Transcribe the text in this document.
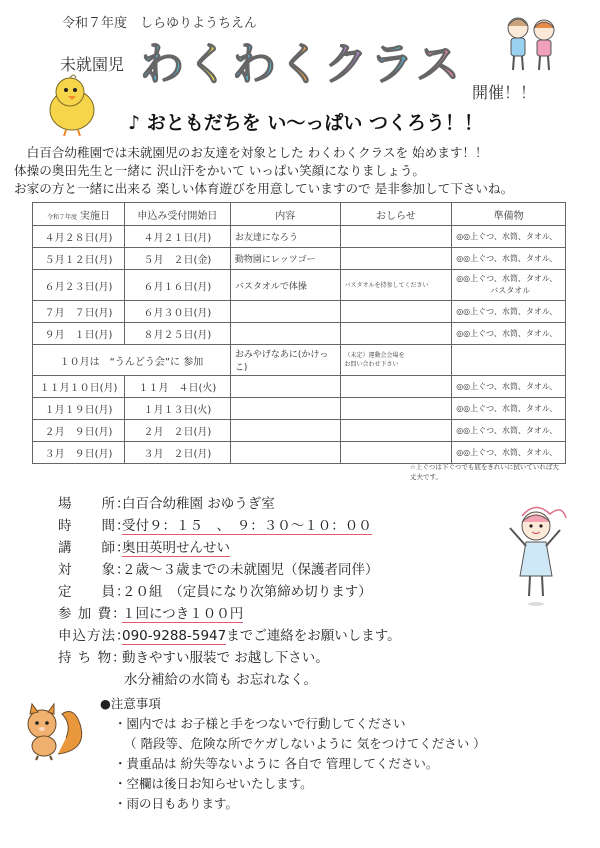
令和７年度　しらゆりようちえん
未就園児 わくわくクラス
開催！！
♪ おともだちを い〜っぱい つくろう！！

　白百合幼稚園では未就園児のお友達を対象とした わくわくクラスを 始めます！！

体操の奥田先生と一緒に 沢山汗をかいて いっぱい笑顔になりましょう。

お家の方と一緒に出来る 楽しい体育遊びを用意していますので 是非参加して下さいね。

令和７年度 実施日	申込み受付開始日	内容	おしらせ	準備物

４月２８日(月)	４月２１日(月)	お友達になろう		◎◎上ぐつ、水筒、タオル、

５月１２日(月)	５月　２日(金)	動物園にレッツゴー		◎◎上ぐつ、水筒、タオル、

６月２３日(月)	６月１６日(月)	バスタオルで体操	バスタオルを持参してください	◎◎上ぐつ、水筒、タオル、
バスタオル

７月　７日(月)	６月３０日(月)			◎◎上ぐつ、水筒、タオル、

９月　１日(月)	８月２５日(月)			◎◎上ぐつ、水筒、タオル、

１０月は　“うんどう会”に 参加		おみやげなあに(かけっこ)	（未定）運動会会場を
お問い合わせ下さい	

１１月１０日(月)	１１月　４日(火)			◎◎上ぐつ、水筒、タオル、

１月１９日(月)	１月１３日(火)			◎◎上ぐつ、水筒、タオル、

２月　９日(月)	２月　２日(月)			◎◎上ぐつ、水筒、タオル、

３月　９日(月)	３月　２日(月)			◎◎上ぐつ、水筒、タオル、
☆上ぐつは下ぐつでも底をきれいに拭いていれば大丈夫です。
場　　所：
白百合幼稚園 おゆうぎ室
時　　間：
受付９：１５　、　９：３０〜１０：００
講　　師：
奥田英明せんせい
対　　象：
２歳〜３歳までの未就園児（保護者同伴）
定　　員：
２０組　（定員になり次第締め切ります）
参 加 費：
１回につき１００円
申込方法：
090-9288-5947 までご連絡をお願いします。
持 ち 物：
動きやすい服装で お越し下さい。
水分補給の水筒も お忘れなく。
●注意事項
・園内では お子様と手をつないで行動してください
（ 階段等、危険な所でケガしないように 気をつけてください ）
・貴重品は 紛失等ないように 各自で 管理してください。
・空欄は後日お知らせいたします。
・雨の日もあります。
